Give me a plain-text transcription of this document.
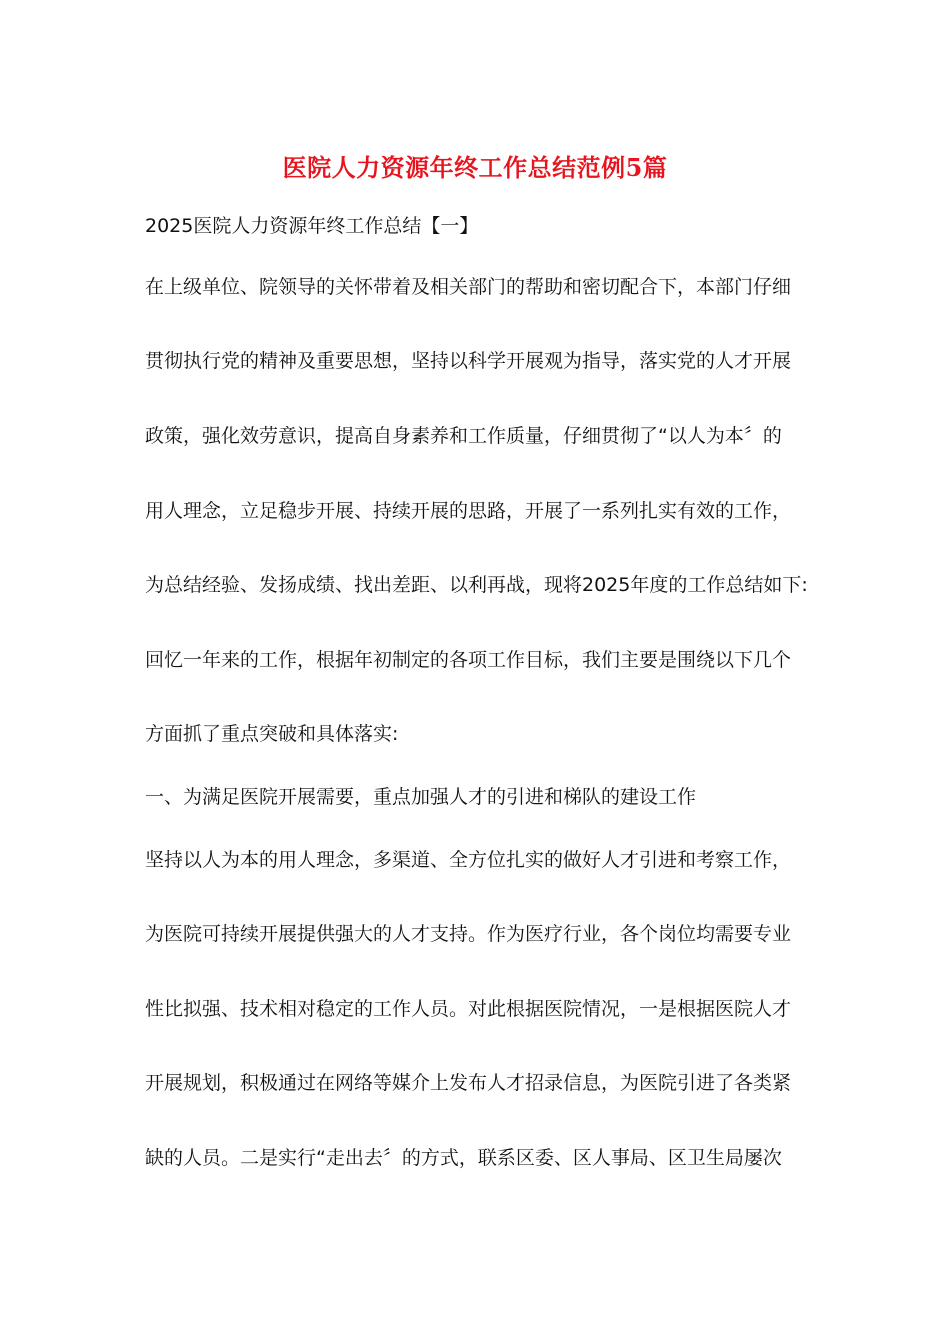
医院人力资源年终工作总结范例5篇
2025医院人力资源年终工作总结【一】
在上级单位、院领导的关怀带着及相关部门的帮助和密切配合下，本部门仔细
贯彻执行党的精神及重要思想，坚持以科学开展观为指导，落实党的人才开展
政策，强化效劳意识，提高自身素养和工作质量，仔细贯彻了“以人为本〞的
用人理念，立足稳步开展、持续开展的思路，开展了一系列扎实有效的工作，
为总结经验、发扬成绩、找出差距、以利再战，现将2025年度的工作总结如下:
回忆一年来的工作，根据年初制定的各项工作目标，我们主要是围绕以下几个
方面抓了重点突破和具体落实:
一、为满足医院开展需要，重点加强人才的引进和梯队的建设工作
坚持以人为本的用人理念，多渠道、全方位扎实的做好人才引进和考察工作，
为医院可持续开展提供强大的人才支持。作为医疗行业，各个岗位均需要专业
性比拟强、技术相对稳定的工作人员。对此根据医院情况，一是根据医院人才
开展规划，积极通过在网络等媒介上发布人才招录信息，为医院引进了各类紧
缺的人员。二是实行“走出去〞的方式，联系区委、区人事局、区卫生局屡次
